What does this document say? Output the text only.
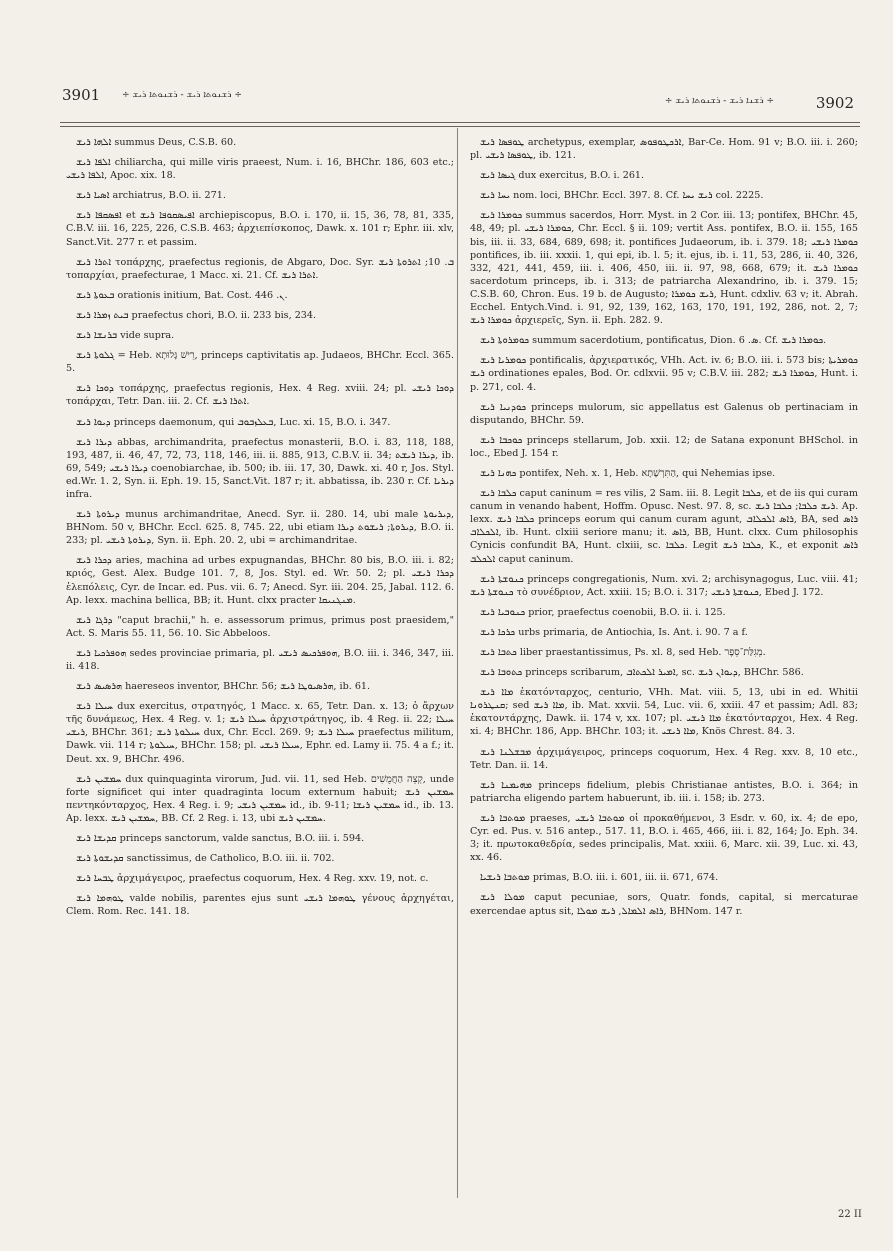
3901 ÷ ܪܫܢܘܬܐ ܪܝܫ - ܪܫܢܘܬܐ ܪܝܫ ÷
÷ ܪܫܢܐ ܪܝܫ - ܪܫܢܘܬܐ ܪܝܫ ÷	3902

ܐܠܗܐ ܪܝܫ summus Deus, C.S.B. 60.

ܐܠܦܐ ܪܝܫ chiliarcha, qui mille viris praeest, Num. i. 16, BHChr. 186, 603 etc.; ܐܠܦܐ ܪܝܫܝ, Apoc. xix. 18.

ܐܣܝܐ ܪܝܫ archiatrus, B.O. ii. 271.

ܐܦܣܩܦܐ ܪܝܫ et ܐܦܝܣܩܘܦܐ ܪܝܫ archiepiscopus, B.O. i. 170, ii. 15, 36, 78, 81, 335, C.B.V. iii. 16, 225, 226, C.S.B. 463; ἀρχιεπίσκοπος, Dawk. x. 101 r; Ephr. iii. xlv, Sanct.Vit. 277 r. et passim.

ܐܬܪܐ ܪܝܫ τοπάρχης, praefectus regionis, de Abgaro, Doc. Syr. ܒ. 10; ܐܬܪܘܬܐ ܪܝܫ τοπαρχίαι, praefecturae, 1 Macc. xi. 21. Cf. ܐܬܪܐ ܪܝܫ.

ܒܥܘܬܐ ܪܝܫ orationis initium, Bat. Cost. ܢ. 446.

ܒܝܬ ܙܡܪܐ ܪܝܫ praefectus chori, B.O. ii. 233 bis, 234.

ܒܪܢܫܐ ܪܝܫ vide supra.

ܓܠܘܬܐ ܪܝܫ = Heb. רֵישׁ גָּלוּתָא, princeps captivitatis ap. Judaeos, BHChr. Eccl. 365. 5.

ܕܘܟܐ ܪܝܫ τοπάρχης, praefectus regionis, Hex. 4 Reg. xviii. 24; pl. ܕܘܟܐ ܪܝܫܝ τοπάρχαι, Tetr. Dan. iii. 2. Cf. ܐܬܪܐ ܪܝܫ.

ܕܝܘܐ ܪܝܫ princeps daemonum, qui ܒܥܠܙܒܘܒ, Luc. xi. 15, B.O. i. 347.

ܕܝܪܐ ܪܝܫ abbas, archimandrita, praefectus monasterii, B.O. i. 83, 118, 188, 193, 487, ii. 46, 47, 72, 73, 118, 146, iii. ii. 885, 913, C.B.V. ii. 34; ܕܝܪܐ ܪܝܫܬ, ib. 69, 549; ܕܝܪܐ ܪܝܫܝ coenobiarchae, ib. 500; ib. iii. 17, 30, Dawk. xi. 40 r, Jos. Styl. ed.Wr. 1. 2, Syn. ii. Eph. 19. 15, Sanct.Vit. 187 r; it. abbatissa, ib. 230 r. Cf. ܕܝܪܝܐ infra.

ܕܝܪܘܬܐ ܪܝܫ munus archimandritae, Anecd. Syr. ii. 280. 14, ubi male ܕܝܪܝܘܬܐ, BHNom. 50 v, BHChr. Eccl. 625. 8, 745. 22, ubi etiam ܕܝܪܘܬܐ; ܪܝܫܘܬ ܕܝܪܐ, B.O. ii. 233; pl. ܕܝܪܘܬܐ ܪܝܫܝ, Syn. ii. Eph. 20. 2, ubi = archimandritae.

ܕܟܪܐ ܪܝܫ aries, machina ad urbes expugnandas, BHChr. 80 bis, B.O. iii. i. 82; κριός, Gest. Alex. Budge 101. 7, 8, Jos. Styl. ed. Wr. 50. 2; pl. ܕܟܪܐ ܪܝܫܝ ἑλεπόλεις, Cyr. de Incar. ed. Pus. vii. 6. 7; Anecd. Syr. iii. 204. 25, Jabal. 112. 6. Ap. lexx. machina bellica, BB; it. Hunt. clxx practer ܡܢܓܢܝܩܐ.

ܕܪܓܐ ܪܝܫ "caput brachii," h. e. assessorum primus, primus post praesidem," Act. S. Maris 55. 11, 56. 10. Sic Abbeloos.

ܗܘܦܪܟܝܐ ܪܝܫ sedes provinciae primaria, pl. ܗܘܦܪܟܝܣ ܪܝܫܝ, B.O. iii. i. 346, 347, iii. ii. 418.

ܗܪܣܝܣ ܪܝܫ haereseos inventor, BHChr. 56; ܗܪܣܝܘܛܐ ܪܝܫ, ib. 61.

ܚܝܠܐ ܪܝܫ dux exercitus, στρατηγός, 1 Macc. x. 65, Tetr. Dan. x. 13; ὁ ἄρχων τῆς δυνάμεως, Hex. 4 Reg. v. 1; ܚܝܠܐ ܪܝܫ ἀρχιστράτηγος, ib. 4 Reg. ii. 22; ܚܝܠܐ ܪܝܫܝ, BHChr. 361; ܚܝܠܘܬܐ ܪܝܫ dux, Chr. Eccl. 269. 9; ܚܝܠܐ ܪܝܫ praefectus militum, Dawk. vii. 114 r; ܚܝܠܘܬܐ, BHChr. 158; pl. ܚܝܠܐ ܪܝܫܝ, Ephr. ed. Lamy ii. 75. 4 a f.; it. Deut. xx. 9, BHChr. 496.

ܚܡܫܝܢ ܪܝܫ dux quinquaginta virorum, Jud. vii. 11, sed Heb. קְצֵה הַחֲמֻשִׁים, unde forte significet qui inter quadraginta locum externum habuit; ܚܡܫܝܢ ܪܝܫ πεντηκόνταρχος, Hex. 4 Reg. i. 9; ܚܡܫܝܢ ܪܝܫܝ id., ib. 9-11; ܚܡܫܝܢ ܪܝܫܐ id., ib. 13. Ap. lexx. ܚܡܫܝܢ ܪܝܫ, BB. Cf. 2 Reg. i. 13, ubi ܚܡܫܝܢ ܪܝܫ.

ܩܕܝܫܐ ܪܝܫ princeps sanctorum, valde sanctus, B.O. iii. i. 594.

ܩܕܝܫܘܬܐ ܪܝܫ sanctissimus, de Catholico, B.O. iii. ii. 702.

ܛܒܚܐ ܪܝܫ ἀρχιμάγειρος, praefectus coquorum, Hex. 4 Reg. xxv. 19, not. c.

ܛܘܗܡܐ ܪܝܫ valde nobilis, parentes ejus sunt ܛܘܗܡܐ ܪܝܫܝ γένους ἀρχηγέται, Clem. Rom. Rec. 141. 18.

ܛܘܦܣܐ ܪܝܫ archetypus, exemplar, ܐܪܟܛܘܦܘܣ, Bar-Ce. Hom. 91 v; B.O. iii. i. 260; pl. ܛܘܦܣܐ ܪܝܫܝ, ib. 121.

ܓܝܣܐ ܪܝܫ dux exercitus, B.O. i. 261.

ܝܚܐ ܪܝܫ nom. loci, BHChr. Eccl. 397. 8. Cf. ܪܝܫ ܝܚܐ col. 2225.

ܟܘܡܪܐ ܪܝܫ summus sacerdos, Horr. Myst. in 2 Cor. iii. 13; pontifex, BHChr. 45, 48, 49; pl. ܟܘܡܪܐ ܪܝܫܝ, Chr. Eccl. § ii. 109; vertit Ass. pontifex, B.O. ii. 155, 165 bis, iii. ii. 33, 684, 689, 698; it. pontifices Judaeorum, ib. i. 379. 18; ܟܘܡܪܐ ܪܝܫܝ pontifices, ib. iii. xxxii. 1, qui epi, ib. l. 5; it. ejus, ib. i. 11, 53, 286, ii. 40, 326, 332, 421, 441, 459, iii. i. 406, 450, iii. ii. 97, 98, 668, 679; it. ܟܘܡܪܐ ܪܝܫ sacerdotum princeps, ib. i. 313; de patriarcha Alexandrino, ib. i. 379. 15; C.S.B. 60, Chron. Eus. 19 b. de Augusto; ܪܝܫ ܟܘܡܪܐ, Hunt. cdxliv. 63 v; it. Abrah. Ecchel. Entych.Vind. i. 91, 92, 139, 162, 163, 170, 191, 192, 286, not. 2, 7; ܟܘܡܪܐ ܪܝܫ ἀρχιερεῖς, Syn. ii. Eph. 282. 9.

ܟܘܡܪܘܬܐ ܪܝܫ summum sacerdotium, pontificatus, Dion. ܣ. 6. Cf. ܟܘܡܪܐ ܪܝܫ.

ܟܘܡܪܝܐ ܪܝܫ pontificalis, ἀρχιερατικός, VHh. Act. iv. 6; B.O. iii. i. 573 bis; ܟܘܡܪܝܬܐ ܪܝܫ ordinationes epales, Bod. Or. cdlxvii. 95 v; C.B.V. iii. 282; ܟܘܡܪܐ ܪܝܫ, Hunt. i. p. 271, col. 4.

ܟܘܕܢܝܐ ܪܝܫ princeps mulorum, sic appellatus est Galenus ob pertinaciam in disputando, BHChr. 59.

ܟܘܟܒܐ ܪܝܫ princeps stellarum, Job. xxii. 12; de Satana exponunt BHSchol. in loc., Ebed J. 154 r.

ܟܗܢܐ ܪܝܫ pontifex, Neh. x. 1, Heb. הַתִּרְשָׁתָא, qui Nehemias ipse.

ܟܠܒܐ ܪܝܫ caput caninum = res vilis, 2 Sam. iii. 8. Legit ܟܠܒܐ, et de iis qui curam canum in venando habent, Hoffm. Opusc. Nest. 97. 8, sc. ܪܝܫ ܟܠܒܐ; ܟܠܒܐ ܪܝܫ. Ap. lexx. ܟܠܒܐ ܪܝܫ princeps eorum qui canum curam agunt, ܪܐܣ ܐܠܟܠܐܒ, BA, sed ܪܐܣ ܐܠܟܠܐܒ, ib. Hunt. clxiii seriore manu; it. ܪܐܣ, BB, Hunt. clxx. Cum philosophis Cynicis confundit BA, Hunt. clxiii, sc. ܟܠܒܐ. Legit ܟܠܒܐ ܪܝܫ, K., et exponit ܪܐܣ ܐܠܟܠܒ caput caninum.

ܟܢܘܫܬܐ ܪܝܫ princeps congregationis, Num. xvi. 2; archisynagogus, Luc. viii. 41; ܟܢܘܫܬܐ ܪܝܫ τὸ συνέδριον, Act. xxiii. 15; B.O. i. 317; ܟܢܘܫܬܐ ܪܝܫܝ, Ebed J. 172.

ܟܢܘܒܝܐ ܪܝܫ prior, praefectus coenobii, B.O. ii. i. 125.

ܟܪܟܐ ܪܝܫ urbs primaria, de Antiochia, Is. Ant. i. 90. 7 a f.

ܟܬܒܐ ܪܝܫ liber praestantissimus, Ps. xl. 8, sed Heb. מְגִלַּת־סֵפֶר.

ܟܬܘܒܐ ܪܝܫ princeps scribarum, ܐܡܝܪ ܐܠܟܬܐܒ, sc. ܕܝܘܐܢ ܪܝܫ, BHChr. 586.

ܡܐܐ ܪܝܫ ἑκατόνταρχος, centurio, VHh. Mat. viii. 5, 13, ubi in ed. Whitii ܩܢܛܪܘܢܐ; sed ܡܐܐ ܪܝܫ, ib. Mat. xxvii. 54, Luc. vii. 6, xxiii. 47 et passim; Adl. 83; ἑκατοντάρχης, Dawk. ii. 174 v, xx. 107; pl. ܡܐܐ ܪܝܫܝ ἑκατόνταρχοι, Hex. 4 Reg. xi. 4; BHChr. 186, App. BHChr. 103; it. ܡܐܐ ܪܝܫܝ, Knös Chrest. 84. 3.

ܡܒܫܠܢܐ ܪܝܫ ἀρχιμάγειρος, princeps coquorum, Hex. 4 Reg. xxv. 8, 10 etc., Tetr. Dan. ii. 14.

ܡܗܝܡܢܐ ܪܝܫ princeps fidelium, plebis Christianae antistes, B.O. i. 364; in patriarcha eligendo partem habuerunt, ib. iii. i. 158; ib. 273.

ܡܘܬܒܐ ܪܝܫ praeses, ܡܘܬܒܐ ܪܝܫܝ οἱ προκαθήμενοι, 3 Esdr. v. 60, ix. 4; de epo, Cyr. ed. Pus. v. 516 antep., 517. 11, B.O. i. 465, 466, iii. i. 82, 164; Jo. Eph. 34. 3; it. πρωτοκαθεδρία, sedes principalis, Mat. xxiii. 6, Marc. xii. 39, Luc. xi. 43, xx. 46.

ܡܘܬܒܐ ܪܝܫܝܐ primas, B.O. iii. i. 601, iii. ii. 671, 674.

ܡܘܠܐ ܪܝܫ caput pecuniae, sors, Quatr. fonds, capital, si mercaturae exercendae aptus sit, ܪܐܣ ܐܠܡܐܠ, ܪܝܫ ܡܘܠܐ, BHNom. 147 r.

22 II
